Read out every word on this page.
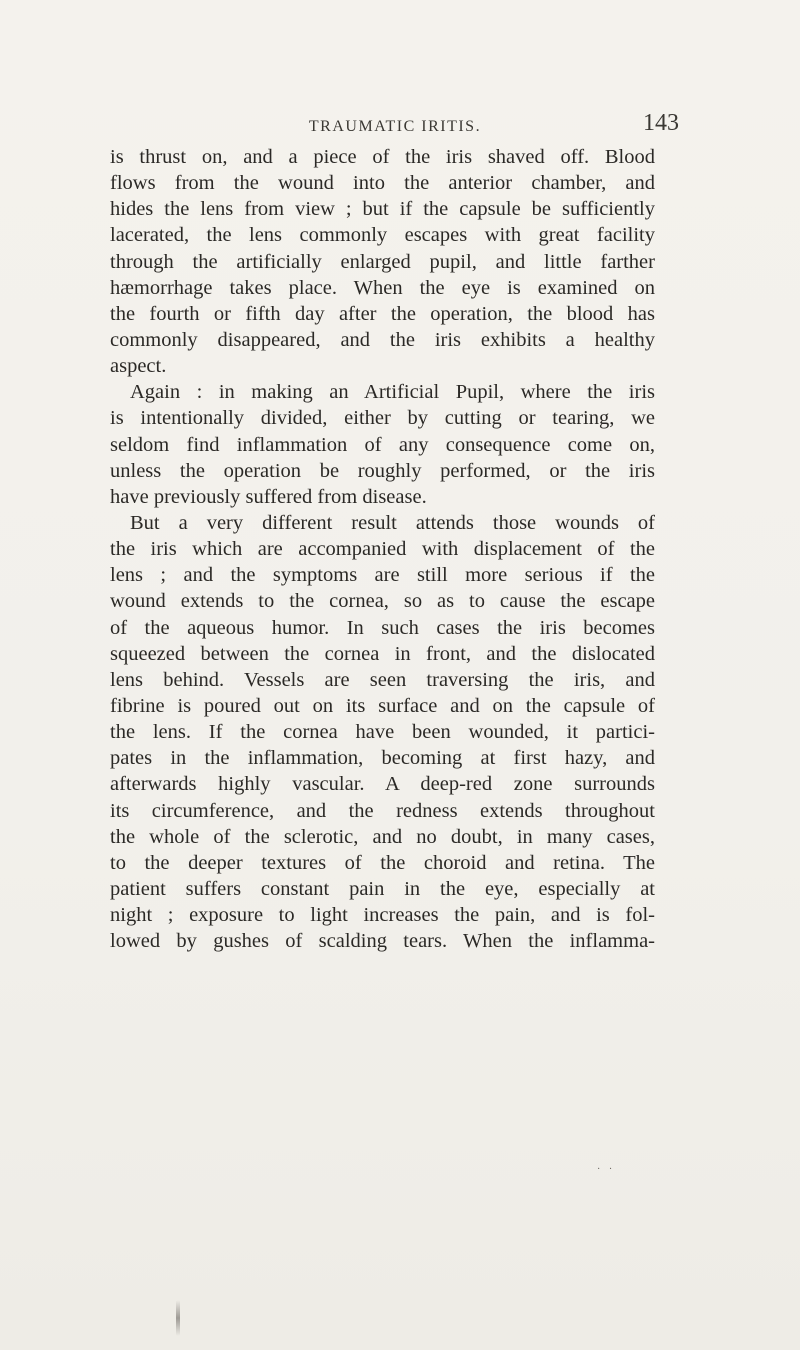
TRAUMATIC IRITIS.	143
is thrust on, and a piece of the iris shaved off. Blood
flows from the wound into the anterior chamber, and
hides the lens from view ; but if the capsule be sufficiently
lacerated, the lens commonly escapes with great facility
through the artificially enlarged pupil, and little farther
hæmorrhage takes place. When the eye is examined on
the fourth or fifth day after the operation, the blood has
commonly disappeared, and the iris exhibits a healthy
aspect.
Again : in making an Artificial Pupil, where the iris
is intentionally divided, either by cutting or tearing, we
seldom find inflammation of any consequence come on,
unless the operation be roughly performed, or the iris
have previously suffered from disease.
But a very different result attends those wounds of
the iris which are accompanied with displacement of the
lens ; and the symptoms are still more serious if the
wound extends to the cornea, so as to cause the escape
of the aqueous humor. In such cases the iris becomes
squeezed between the cornea in front, and the dislocated
lens behind. Vessels are seen traversing the iris, and
fibrine is poured out on its surface and on the capsule of
the lens. If the cornea have been wounded, it partici-
pates in the inflammation, becoming at first hazy, and
afterwards highly vascular. A deep-red zone surrounds
its circumference, and the redness extends throughout
the whole of the sclerotic, and no doubt, in many cases,
to the deeper textures of the choroid and retina. The
patient suffers constant pain in the eye, especially at
night ; exposure to light increases the pain, and is fol-
lowed by gushes of scalding tears. When the inflamma-
· ·
